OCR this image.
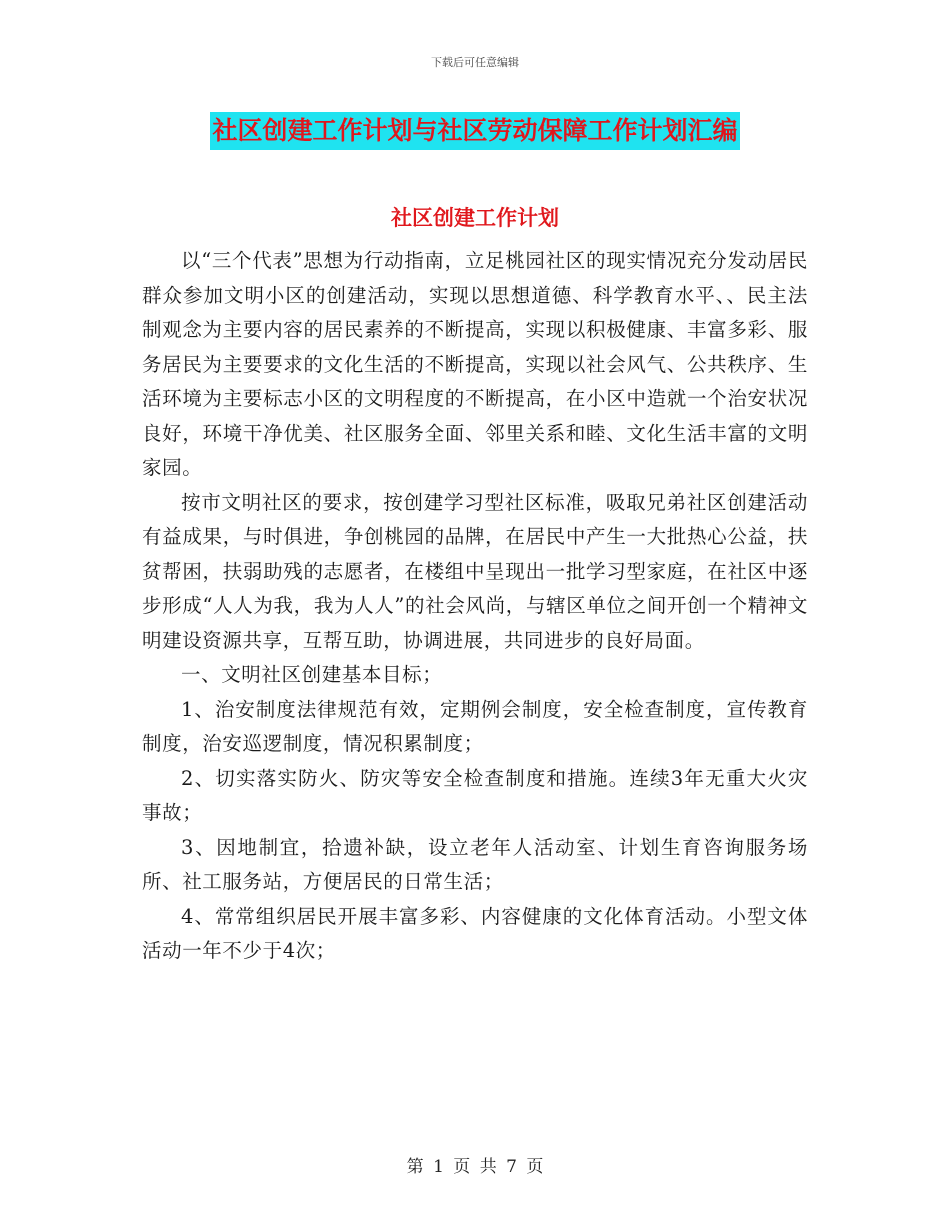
下载后可任意编辑
社区创建工作计划与社区劳动保障工作计划汇编
社区创建工作计划

以“三个代表”思想为行动指南，立足桃园社区的现实情况充分发动居民群众参加文明小区的创建活动，实现以思想道德、科学教育水平、、民主法制观念为主要内容的居民素养的不断提高，实现以积极健康、丰富多彩、服务居民为主要要求的文化生活的不断提高，实现以社会风气、公共秩序、生活环境为主要标志小区的文明程度的不断提高，在小区中造就一个治安状况良好，环境干净优美、社区服务全面、邻里关系和睦、文化生活丰富的文明家园。

按市文明社区的要求，按创建学习型社区标准，吸取兄弟社区创建活动有益成果，与时俱进，争创桃园的品牌，在居民中产生一大批热心公益，扶贫帮困，扶弱助残的志愿者，在楼组中呈现出一批学习型家庭，在社区中逐步形成“人人为我，我为人人”的社会风尚，与辖区单位之间开创一个精神文明建设资源共享，互帮互助，协调进展，共同进步的良好局面。

一、文明社区创建基本目标；

1、治安制度法律规范有效，定期例会制度，安全检查制度，宣传教育制度，治安巡逻制度，情况积累制度；

2、切实落实防火、防灾等安全检查制度和措施。连续3年无重大火灾事故；

3、因地制宜，拾遗补缺，设立老年人活动室、计划生育咨询服务场所、社工服务站，方便居民的日常生活；

4、常常组织居民开展丰富多彩、内容健康的文化体育活动。小型文体活动一年不少于4次；

第 1 页 共 7 页
